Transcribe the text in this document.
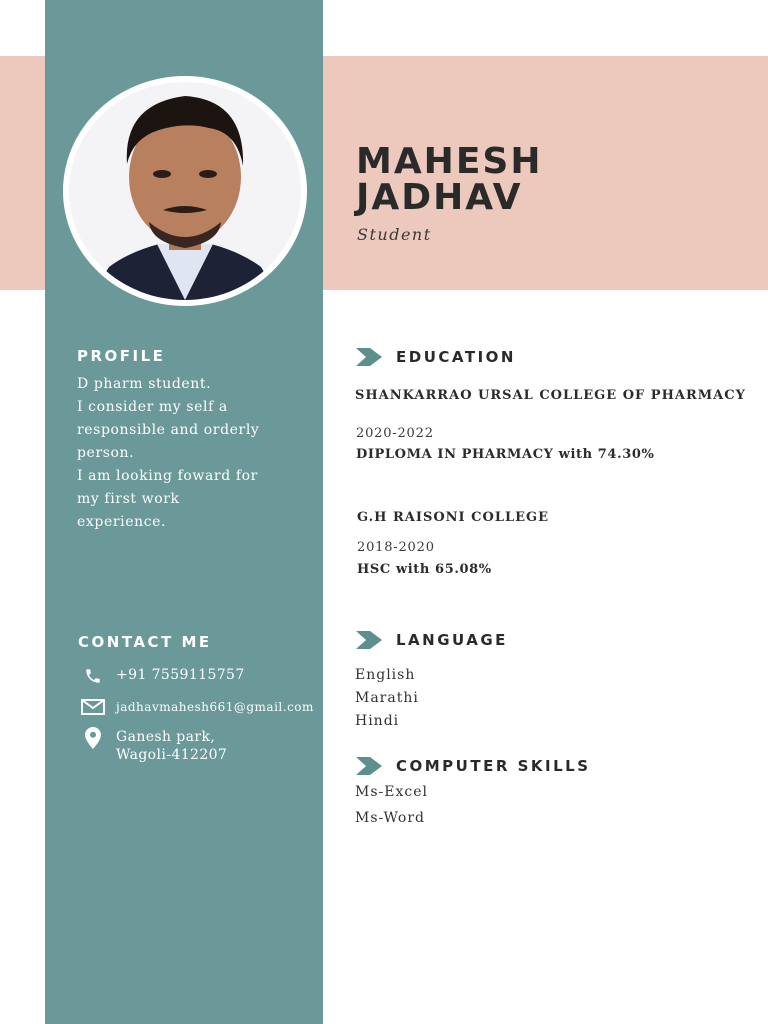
MAHESH
JADHAV
Student
PROFILE

D pharm student.

I consider my self a

responsible and orderly

person.

I am looking foward for

my first work

experience.

CONTACT ME
+91 7559115757
jadhavmahesh661@gmail.com
Ganesh park,
Wagoli-412207
EDUCATION
SHANKARRAO URSAL COLLEGE OF PHARMACY
2020-2022
DIPLOMA IN PHARMACY with 74.30%
G.H RAISONI COLLEGE
2018-2020
HSC with 65.08%
LANGUAGE
English
Marathi
Hindi
COMPUTER SKILLS
Ms-Excel
Ms-Word
